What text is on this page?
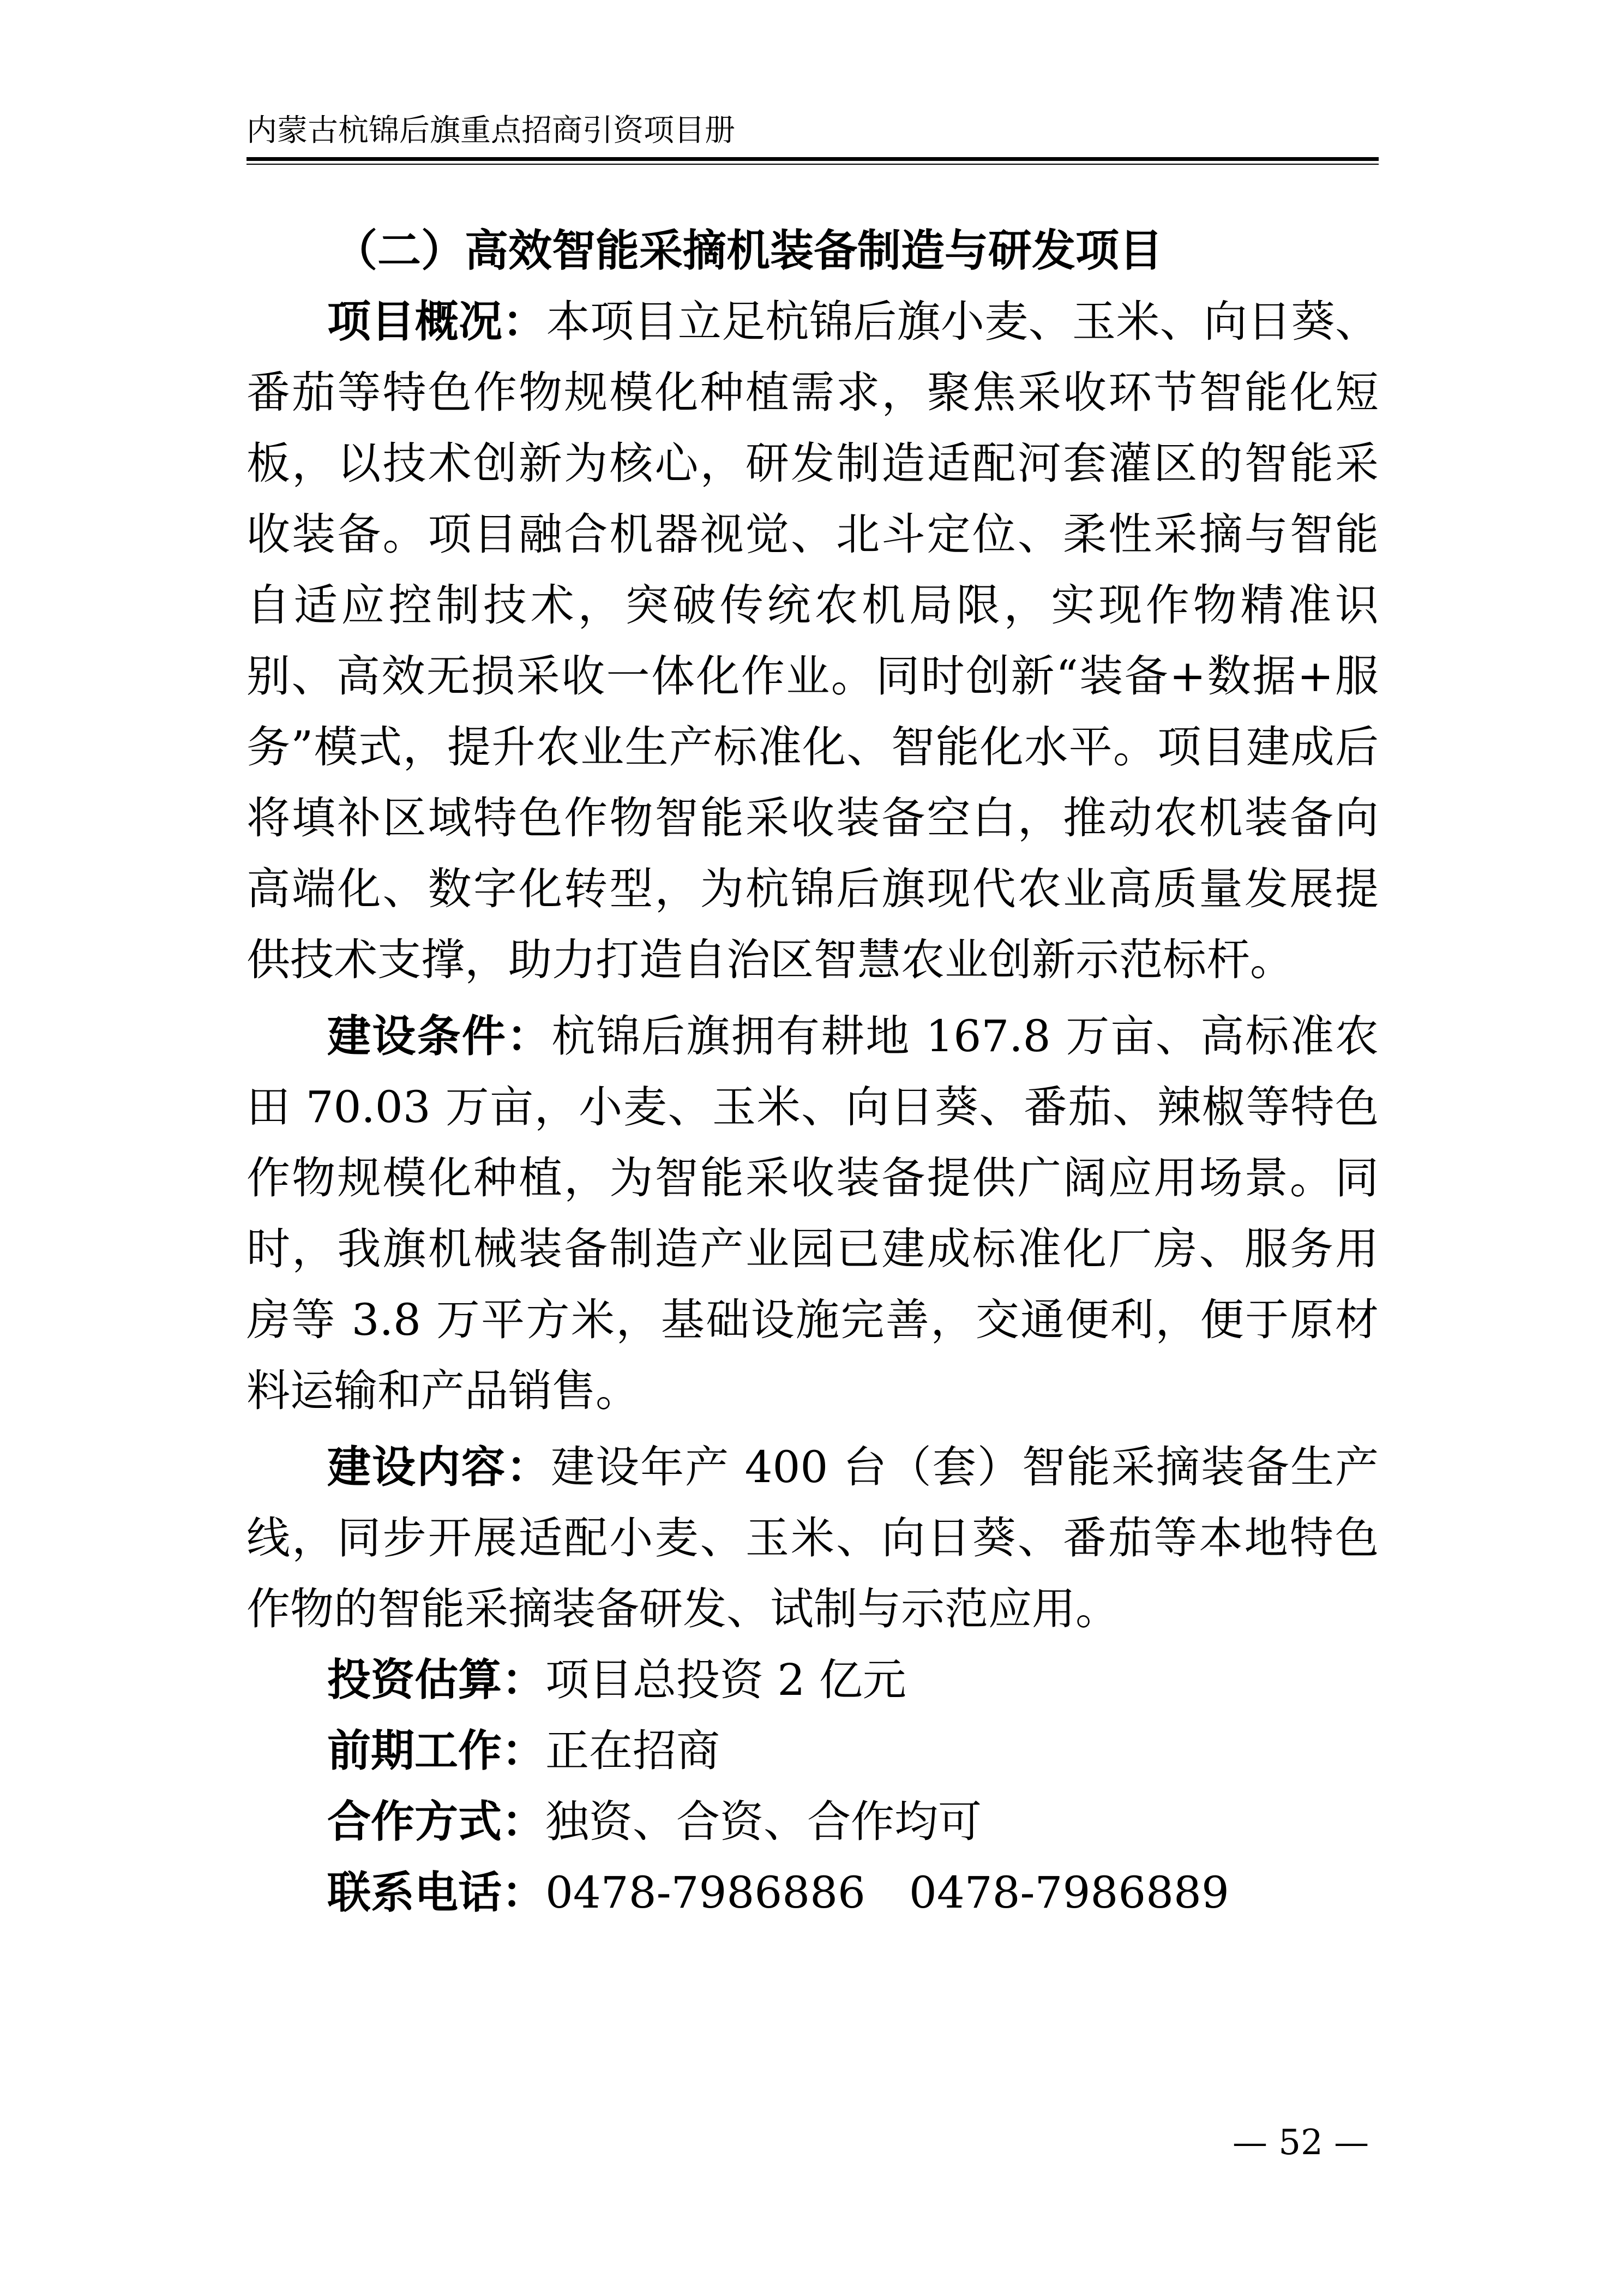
内蒙古杭锦后旗重点招商引资项目册

（二）高效智能采摘机装备制造与研发项目

项目概况：本项目立足杭锦后旗小麦、玉米、向日葵、番茄等特色作物规模化种植需求，聚焦采收环节智能化短板，以技术创新为核心，研发制造适配河套灌区的智能采收装备。项目融合机器视觉、北斗定位、柔性采摘与智能自适应控制技术，突破传统农机局限，实现作物精准识别、高效无损采收一体化作业。同时创新“装备+数据+服务”模式，提升农业生产标准化、智能化水平。项目建成后将填补区域特色作物智能采收装备空白，推动农机装备向高端化、数字化转型，为杭锦后旗现代农业高质量发展提供技术支撑，助力打造自治区智慧农业创新示范标杆。

建设条件：杭锦后旗拥有耕地 167.8 万亩、高标准农田 70.03 万亩，小麦、玉米、向日葵、番茄、辣椒等特色作物规模化种植，为智能采收装备提供广阔应用场景。同时，我旗机械装备制造产业园已建成标准化厂房、服务用房等 3.8 万平方米，基础设施完善，交通便利，便于原材料运输和产品销售。

建设内容：建设年产 400 台（套）智能采摘装备生产线，同步开展适配小麦、玉米、向日葵、番茄等本地特色作物的智能采摘装备研发、试制与示范应用。

投资估算：项目总投资 2 亿元

前期工作：正在招商

合作方式：独资、合资、合作均可

联系电话：0478-7986886 0478-7986889

— 52 —
